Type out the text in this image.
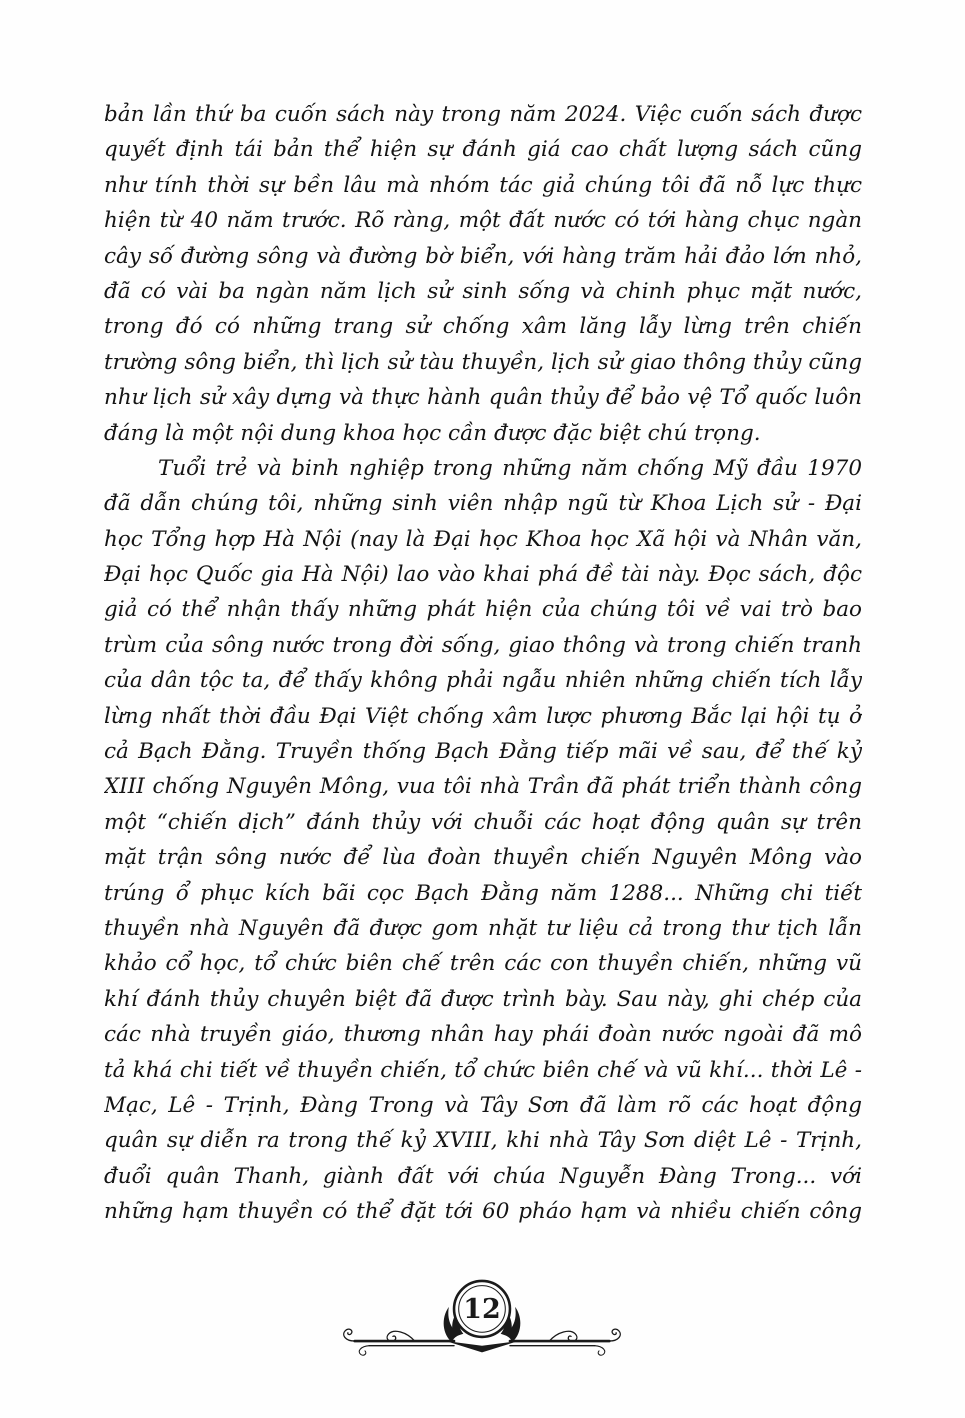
bản lần thứ ba cuốn sách này trong năm 2024. Việc cuốn sách được
quyết định tái bản thể hiện sự đánh giá cao chất lượng sách cũng
như tính thời sự bền lâu mà nhóm tác giả chúng tôi đã nỗ lực thực
hiện từ 40 năm trước. Rõ ràng, một đất nước có tới hàng chục ngàn
cây số đường sông và đường bờ biển, với hàng trăm hải đảo lớn nhỏ,
đã có vài ba ngàn năm lịch sử sinh sống và chinh phục mặt nước,
trong đó có những trang sử chống xâm lăng lẫy lừng trên chiến
trường sông biển, thì lịch sử tàu thuyền, lịch sử giao thông thủy cũng
như lịch sử xây dựng và thực hành quân thủy để bảo vệ Tổ quốc luôn
đáng là một nội dung khoa học cần được đặc biệt chú trọng.
Tuổi trẻ và binh nghiệp trong những năm chống Mỹ đầu 1970
đã dẫn chúng tôi, những sinh viên nhập ngũ từ Khoa Lịch sử - Đại
học Tổng hợp Hà Nội (nay là Đại học Khoa học Xã hội và Nhân văn,
Đại học Quốc gia Hà Nội) lao vào khai phá đề tài này. Đọc sách, độc
giả có thể nhận thấy những phát hiện của chúng tôi về vai trò bao
trùm của sông nước trong đời sống, giao thông và trong chiến tranh
của dân tộc ta, để thấy không phải ngẫu nhiên những chiến tích lẫy
lừng nhất thời đầu Đại Việt chống xâm lược phương Bắc lại hội tụ ở
cả Bạch Đằng. Truyền thống Bạch Đằng tiếp mãi về sau, để thế kỷ
XIII chống Nguyên Mông, vua tôi nhà Trần đã phát triển thành công
một “chiến dịch” đánh thủy với chuỗi các hoạt động quân sự trên
mặt trận sông nước để lùa đoàn thuyền chiến Nguyên Mông vào
trúng ổ phục kích bãi cọc Bạch Đằng năm 1288... Những chi tiết
thuyền nhà Nguyên đã được gom nhặt tư liệu cả trong thư tịch lẫn
khảo cổ học, tổ chức biên chế trên các con thuyền chiến, những vũ
khí đánh thủy chuyên biệt đã được trình bày. Sau này, ghi chép của
các nhà truyền giáo, thương nhân hay phái đoàn nước ngoài đã mô
tả khá chi tiết về thuyền chiến, tổ chức biên chế và vũ khí... thời Lê -
Mạc, Lê - Trịnh, Đàng Trong và Tây Sơn đã làm rõ các hoạt động
quân sự diễn ra trong thế kỷ XVIII, khi nhà Tây Sơn diệt Lê - Trịnh,
đuổi quân Thanh, giành đất với chúa Nguyễn Đàng Trong... với
những hạm thuyền có thể đặt tới 60 pháo hạm và nhiều chiến công
12
